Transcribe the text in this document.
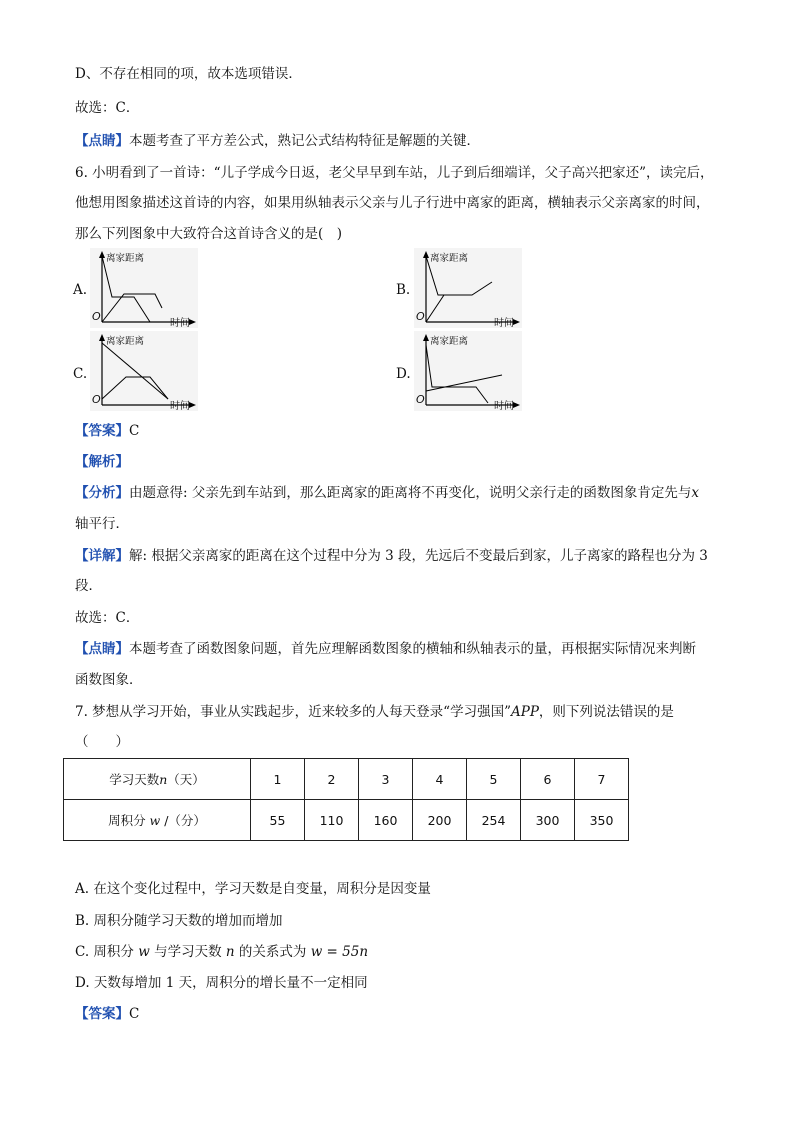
D、不存在相同的项，故本选项错误．
故选：C．
【点睛】本题考查了平方差公式，熟记公式结构特征是解题的关键．
6. 小明看到了一首诗：“儿子学成今日返，老父早早到车站，儿子到后细端详，父子高兴把家还”，读完后，
他想用图象描述这首诗的内容，如果用纵轴表示父亲与儿子行进中离家的距离，横轴表示父亲离家的时间，
那么下列图象中大致符合这首诗含义的是(　)
A.	B.
C.	D.
离家距离
O
时间
离家距离
O
时间
离家距离
O
时间
离家距离
O
时间
【答案】C
【解析】
【分析】由题意得: 父亲先到车站到，那么距离家的距离将不再变化，说明父亲行走的函数图象肯定先与x
轴平行．
【详解】解: 根据父亲离家的距离在这个过程中分为 3 段，先远后不变最后到家，儿子离家的路程也分为 3
段．
故选：C．
【点睛】本题考查了函数图象问题，首先应理解函数图象的横轴和纵轴表示的量，再根据实际情况来判断
函数图象．
7. 梦想从学习开始，事业从实践起步，近来较多的人每天登录“学习强国”APP，则下列说法错误的是
（　　）
学习天数n（天）	1	2	3	4	5	6	7
周积分 w /（分）	55	110	160	200	254	300	350
A. 在这个变化过程中，学习天数是自变量，周积分是因变量
B. 周积分随学习天数的增加而增加
C. 周积分 w 与学习天数 n 的关系式为 w = 55n
D. 天数每增加 1 天，周积分的增长量不一定相同
【答案】C
